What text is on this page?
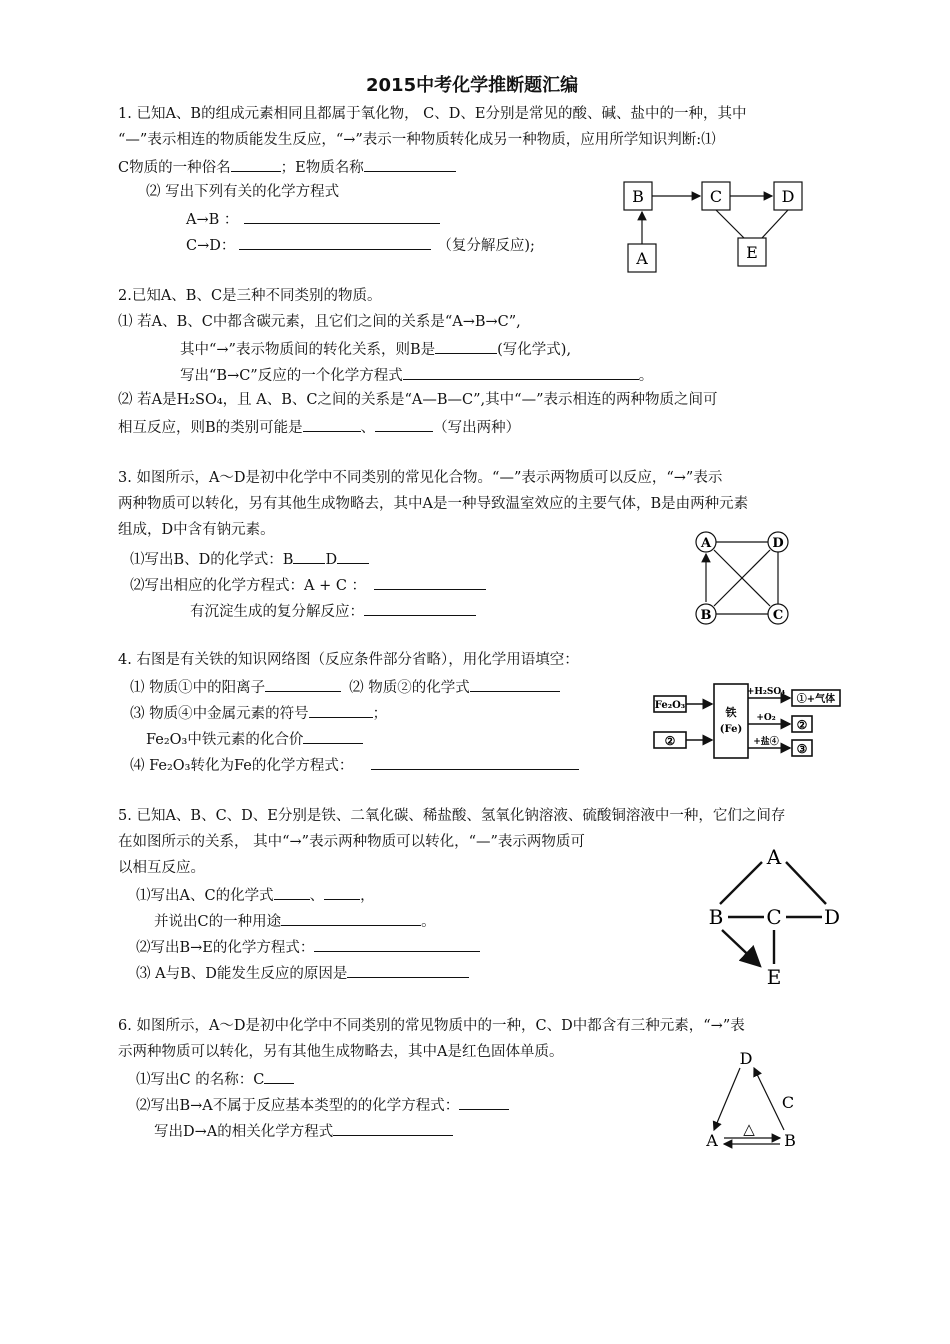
2015中考化学推断题汇编
1. 已知A、B的组成元素相同且都属于氧化物， C、D、E分别是常见的酸、碱、盐中的一种，其中
“—”表示相连的物质能发生反应，“→”表示一种物质转化成另一种物质，应用所学知识判断:⑴
C物质的一种俗名	；E物质名称
⑵ 写出下列有关的化学方程式
A→B ：
C→D：	（复分解反应);
B	C	D
A	E
2.已知A、B、C是三种不同类别的物质。
⑴ 若A、B、C中都含碳元素，且它们之间的关系是“A→B→C”,
其中“→”表示物质间的转化关系，则B是	(写化学式),
写出“B→C”反应的一个化学方程式	。
⑵ 若A是H₂SO₄，且 A、B、C之间的关系是“A—B—C”,其中“—”表示相连的两种物质之间可
相互反应，则B的类别可能是	、	（写出两种）
3. 如图所示，A～D是初中化学中不同类别的常见化合物。“—”表示两物质可以反应，“→”表示
两种物质可以转化，另有其他生成物略去，其中A是一种导致温室效应的主要气体，B是由两种元素
组成，D中含有钠元素。
⑴写出B、D的化学式：B D
⑵写出相应的化学方程式：A + C ：
有沉淀生成的复分解反应：
A	D
B	C
4. 右图是有关铁的知识网络图（反应条件部分省略），用化学用语填空：
⑴ 物质①中的阳离子	⑵ 物质②的化学式
⑶ 物质④中金属元素的符号	；
Fe₂O₃中铁元素的化合价
⑷ Fe₂O₃转化为Fe的化学方程式：
Fe₂O₃
②
铁
(Fe)
+H₂SO₄
+O₂
+盐④
①+气体
②
③
5. 已知A、B、C、D、E分别是铁、二氧化碳、稀盐酸、氢氧化钠溶液、硫酸铜溶液中一种，它们之间存
在如图所示的关系， 其中“→”表示两种物质可以转化，“—”表示两物质可
以相互反应。
⑴写出A、C的化学式 、 ，
并说出C的一种用途	。
⑵写出B→E的化学方程式：
⑶ A与B、D能发生反应的原因是
A
B C D
E
6. 如图所示，A～D是初中化学中不同类别的常见物质中的一种，C、D中都含有三种元素，“→”表
示两种物质可以转化，另有其他生成物略去，其中A是红色固体单质。
⑴写出C 的名称：C
⑵写出B→A不属于反应基本类型的的化学方程式：
写出D→A的相关化学方程式
D
C
A	B
△
